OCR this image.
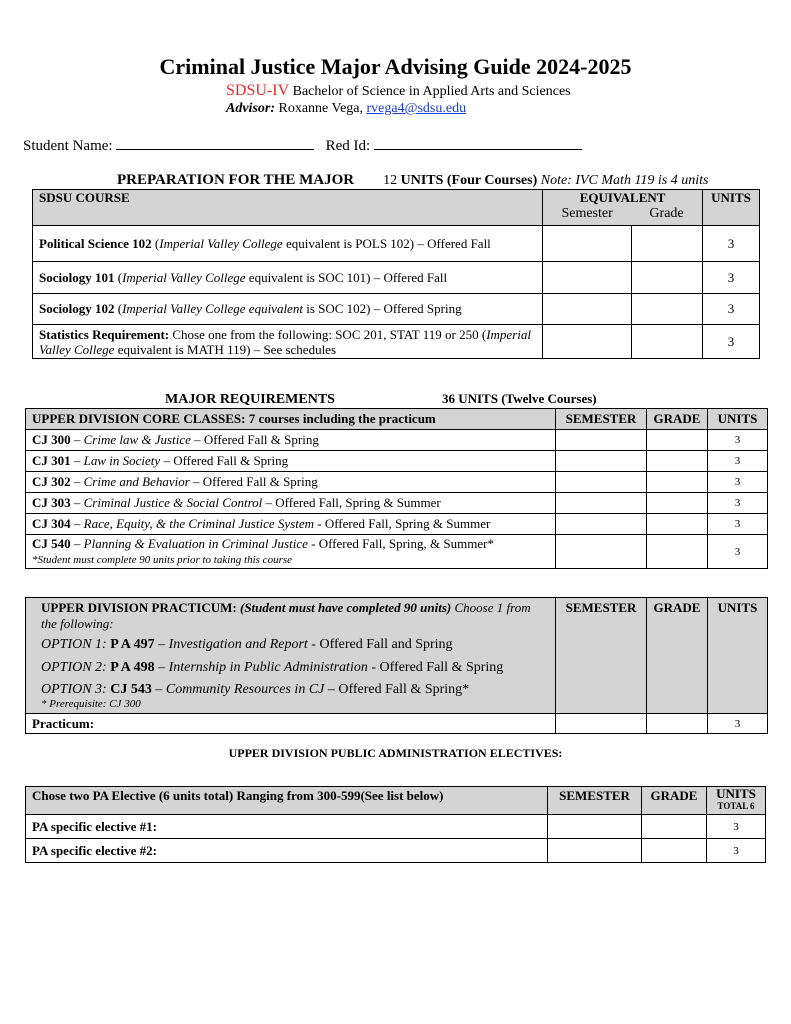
Criminal Justice Major Advising Guide 2024-2025
SDSU-IV Bachelor of Science in Applied Arts and Sciences
Advisor: Roxanne Vega, rvega4@sdsu.edu
Student Name:	Red Id:
PREPARATION FOR THE MAJOR 12 UNITS (Four Courses) Note: IVC Math 119 is 4 units
SDSU COURSE	EQUIVALENT
Semester Grade		UNITS
Political Science 102 (Imperial Valley College equivalent is POLS 102) – Offered Fall			3
Sociology 101 (Imperial Valley College equivalent is SOC 101) – Offered Fall			3
Sociology 102 (Imperial Valley College equivalent is SOC 102) – Offered Spring			3
Statistics Requirement: Chose one from the following: SOC 201, STAT 119 or 250 (Imperial Valley College equivalent is MATH 119) – See schedules			3
MAJOR REQUIREMENTS	36 UNITS (Twelve Courses)
UPPER DIVISION CORE CLASSES: 7 courses including the practicum	SEMESTER	GRADE	UNITS
CJ 300 – Crime law & Justice – Offered Fall & Spring			3
CJ 301 – Law in Society – Offered Fall & Spring			3
CJ 302 – Crime and Behavior – Offered Fall & Spring			3
CJ 303 – Criminal Justice & Social Control – Offered Fall, Spring & Summer			3
CJ 304 – Race, Equity, & the Criminal Justice System - Offered Fall, Spring & Summer			3
CJ 540 – Planning & Evaluation in Criminal Justice - Offered Fall, Spring, & Summer*
*Student must complete 90 units prior to taking this course			3
UPPER DIVISION PRACTICUM: (Student must have completed 90 units) Choose 1 from the following:
OPTION 1: P A 497 – Investigation and Report - Offered Fall and Spring
OPTION 2: P A 498 – Internship in Public Administration - Offered Fall & Spring
OPTION 3: CJ 543 – Community Resources in CJ – Offered Fall & Spring*
* Prerequisite: CJ 300	SEMESTER	GRADE	UNITS
Practicum:			3
UPPER DIVISION PUBLIC ADMINISTRATION ELECTIVES:
Chose two PA Elective (6 units total) Ranging from 300-599(See list below)	SEMESTER	GRADE	UNITS
TOTAL 6

PA specific elective #1:			3
PA specific elective #2:			3
